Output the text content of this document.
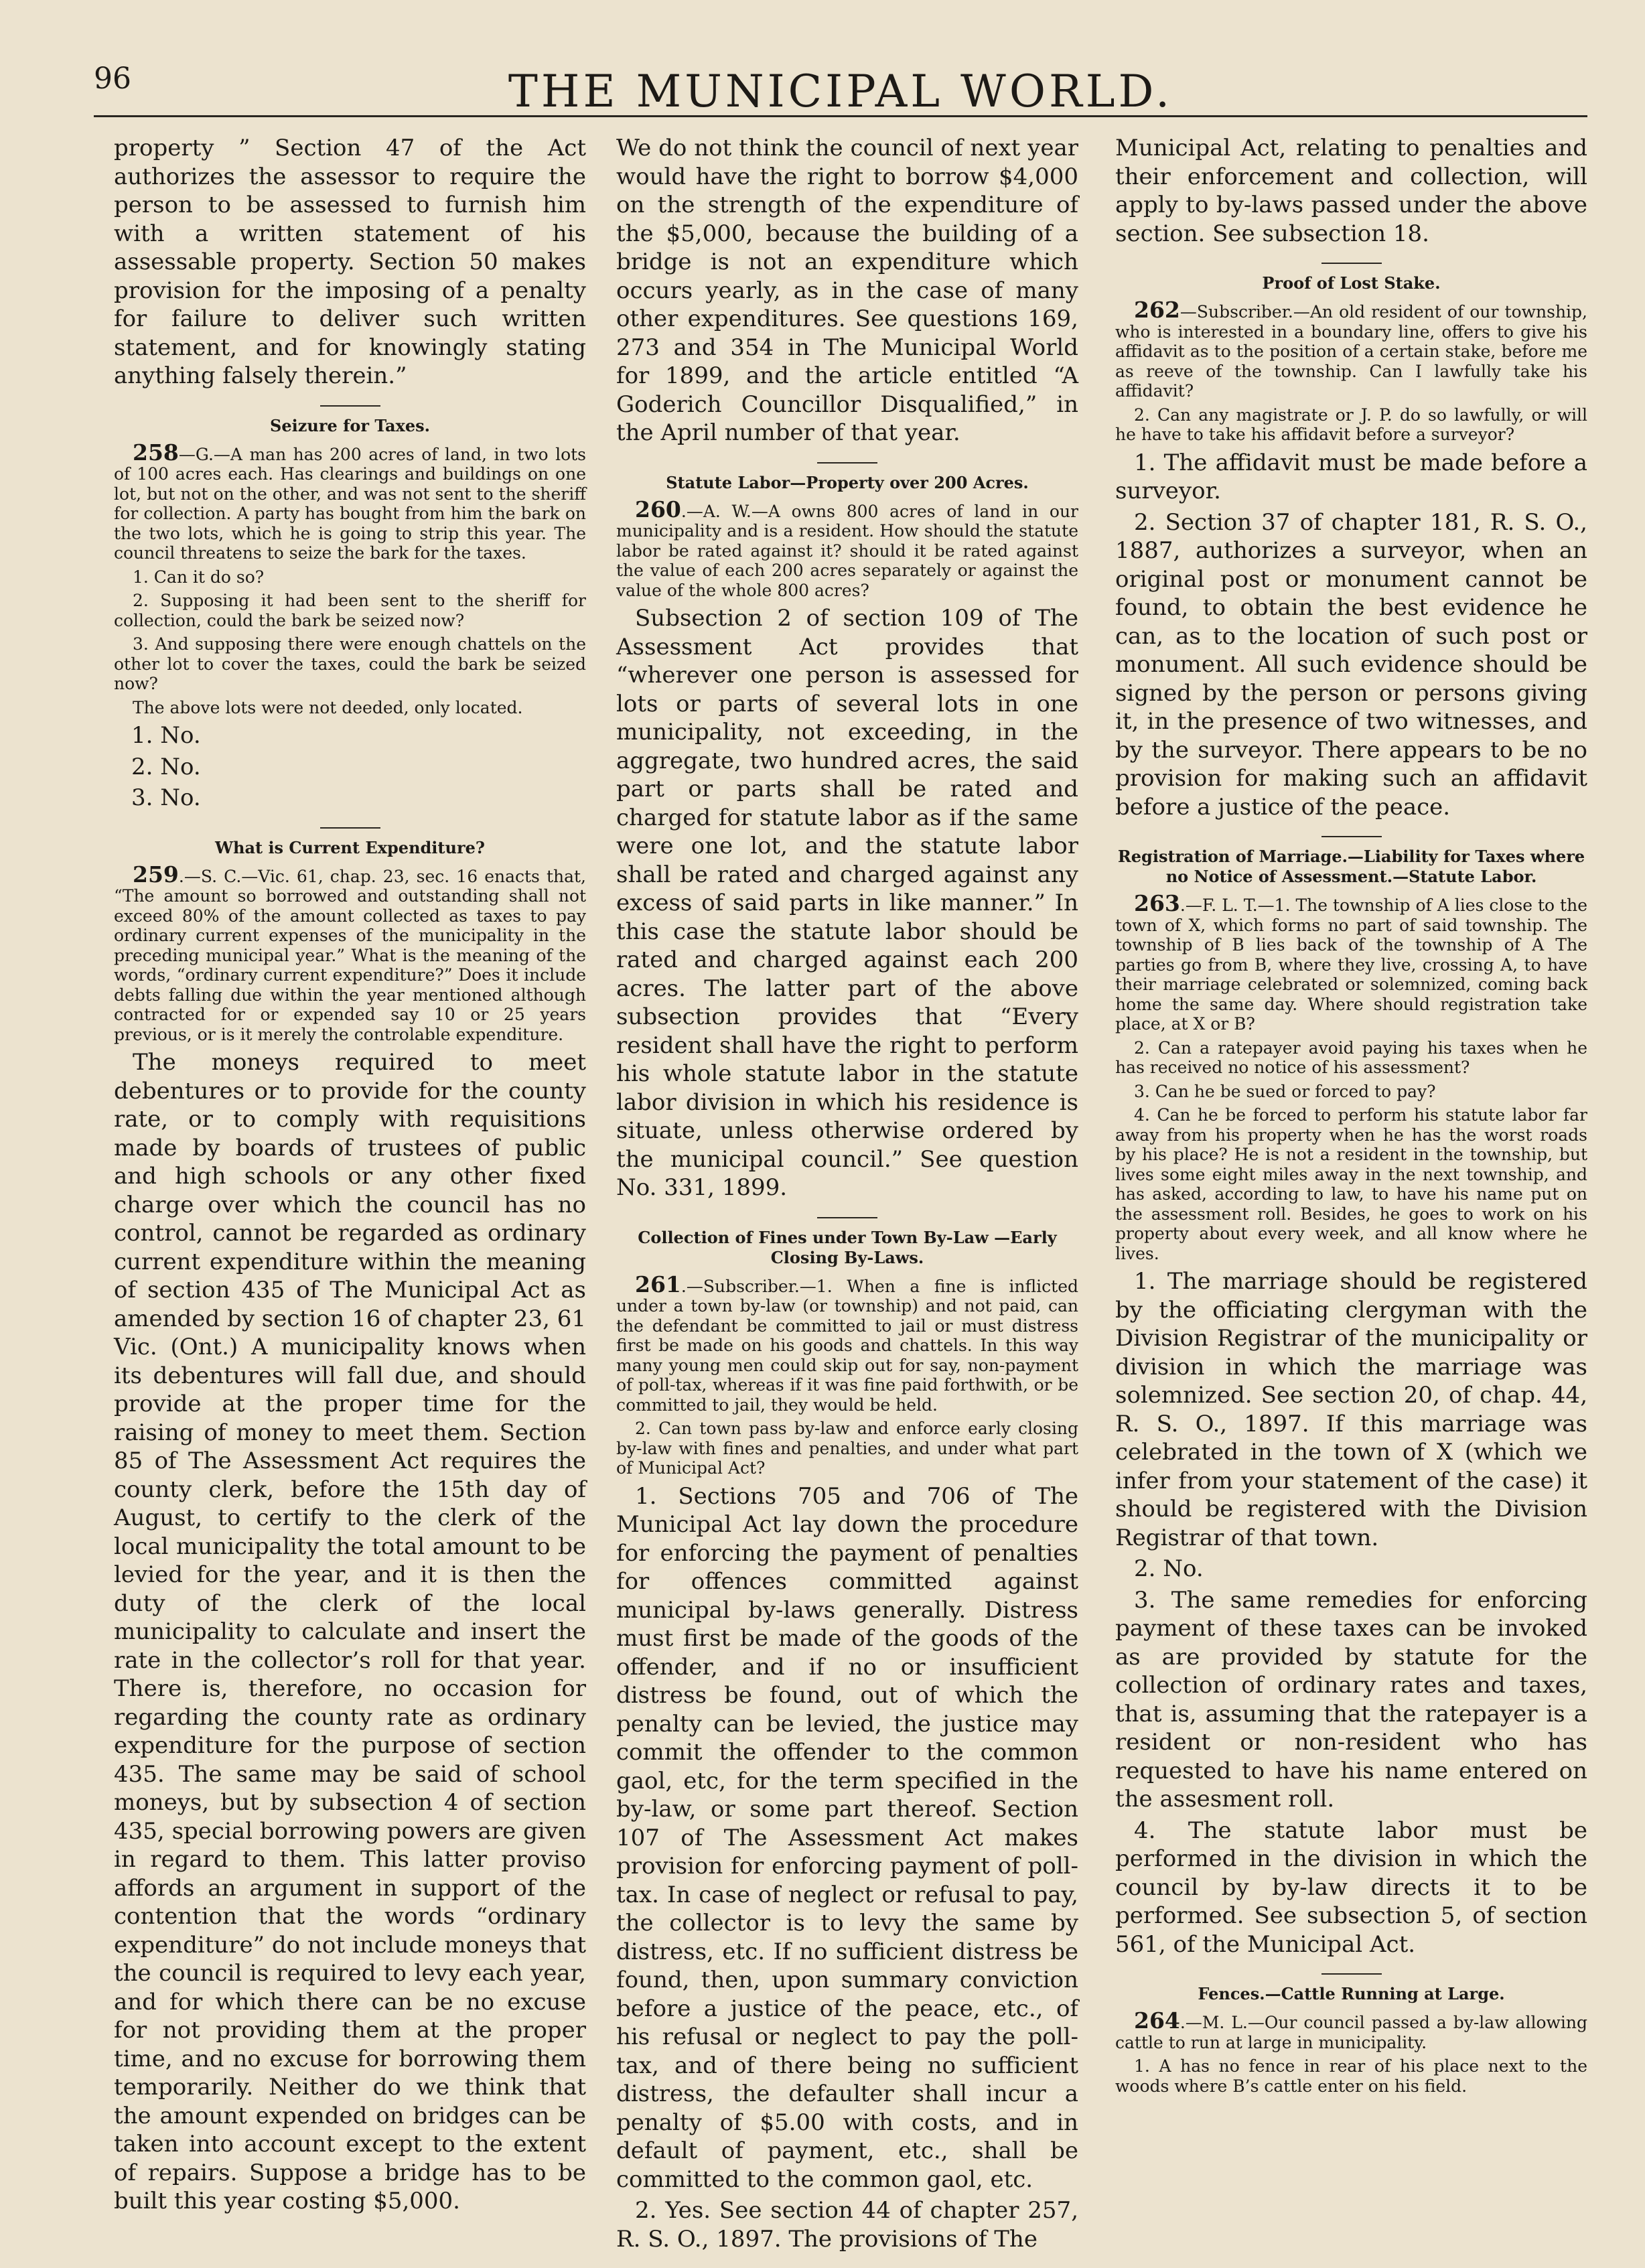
96	THE MUNICIPAL WORLD.

property ” Section 47 of the Act authorizes the assessor to require the person to be assessed to furnish him with a written statement of his assessable property. Section 50 makes provision for the imposing of a penalty for failure to deliver such written statement, and for knowingly stating anything falsely therein.”

Seizure for Taxes.

258—G.—A man has 200 acres of land, in two lots of 100 acres each. Has clearings and buildings on one lot, but not on the other, and was not sent to the sheriff for collection. A party has bought from him the bark on the two lots, which he is going to strip this year. The council threatens to seize the bark for the taxes.

1. Can it do so?

2. Supposing it had been sent to the sheriff for collection, could the bark be seized now?

3. And supposing there were enough chattels on the other lot to cover the taxes, could the bark be seized now?

The above lots were not deeded, only located.

1. No.

2. No.

3. No.

What is Current Expenditure?

259.—S. C.—Vic. 61, chap. 23, sec. 16 enacts that, “The amount so borrowed and outstanding shall not exceed 80% of the amount collected as taxes to pay ordinary current expenses of the municipality in the preceding municipal year.” What is the meaning of the words, “ordinary current expenditure?” Does it include debts falling due within the year mentioned although contracted for or expended say 10 or 25 years previous, or is it merely the controlable expenditure.

The moneys required to meet debentures or to provide for the county rate, or to comply with requisitions made by boards of trustees of public and high schools or any other fixed charge over which the council has no control, cannot be regarded as ordinary current expenditure within the meaning of section 435 of The Municipal Act as amended by section 16 of chapter 23, 61 Vic. (Ont.) A municipality knows when its debentures will fall due, and should provide at the proper time for the raising of money to meet them. Section 85 of The Assessment Act requires the county clerk, before the 15th day of August, to certify to the clerk of the local municipality the total amount to be levied for the year, and it is then the duty of the clerk of the local municipality to calculate and insert the rate in the collector’s roll for that year. There is, therefore, no occasion for regarding the county rate as ordinary expenditure for the purpose of section 435. The same may be said of school moneys, but by subsection 4 of section 435, special borrowing powers are given in regard to them. This latter proviso affords an argument in support of the contention that the words “ordinary expenditure” do not include moneys that the council is required to levy each year, and for which there can be no excuse for not providing them at the proper time, and no excuse for borrowing them temporarily. Neither do we think that the amount expended on bridges can be taken into account except to the extent of repairs. Suppose a bridge has to be built this year costing $5,000.

We do not think the council of next year would have the right to borrow $4,000 on the strength of the expenditure of the $5,000, because the building of a bridge is not an expenditure which occurs yearly, as in the case of many other expenditures. See questions 169, 273 and 354 in The Municipal World for 1899, and the article entitled “A Goderich Councillor Disqualified,” in the April number of that year.

Statute Labor—Property over 200 Acres.

260.—A. W.—A owns 800 acres of land in our municipality and is a resident. How should the statute labor be rated against it? should it be rated against the value of each 200 acres separately or against the value of the whole 800 acres?

Subsection 2 of section 109 of The Assessment Act provides that “wherever one person is assessed for lots or parts of several lots in one municipality, not exceeding, in the aggregate, two hundred acres, the said part or parts shall be rated and charged for statute labor as if the same were one lot, and the statute labor shall be rated and charged against any excess of said parts in like manner.” In this case the statute labor should be rated and charged against each 200 acres. The latter part of the above subsection provides that “Every resident shall have the right to perform his whole statute labor in the statute labor division in which his residence is situate, unless otherwise ordered by the municipal council.” See question No. 331, 1899.

Collection of Fines under Town By-Law —Early Closing By-Laws.

261.—Subscriber.—1. When a fine is inflicted under a town by-law (or township) and not paid, can the defendant be committed to jail or must distress first be made on his goods and chattels. In this way many young men could skip out for say, non-payment of poll-tax, whereas if it was fine paid forthwith, or be committed to jail, they would be held.

2. Can town pass by-law and enforce early closing by-law with fines and penalties, and under what part of Municipal Act?

1. Sections 705 and 706 of The Municipal Act lay down the procedure for enforcing the payment of penalties for offences committed against municipal by-laws generally. Distress must first be made of the goods of the offender, and if no or insufficient distress be found, out of which the penalty can be levied, the justice may commit the offender to the common gaol, etc, for the term specified in the by-law, or some part thereof. Section 107 of The Assessment Act makes provision for enforcing payment of poll-tax. In case of neglect or refusal to pay, the collector is to levy the same by distress, etc. If no sufficient distress be found, then, upon summary conviction before a justice of the peace, etc., of his refusal or neglect to pay the poll-tax, and of there being no sufficient distress, the defaulter shall incur a penalty of $5.00 with costs, and in default of payment, etc., shall be committed to the common gaol, etc.

2. Yes. See section 44 of chapter 257, R. S. O., 1897. The provisions of The

Municipal Act, relating to penalties and their enforcement and collection, will apply to by-laws passed under the above section. See subsection 18.

Proof of Lost Stake.

262—Subscriber.—An old resident of our township, who is interested in a boundary line, offers to give his affidavit as to the position of a certain stake, before me as reeve of the township. Can I lawfully take his affidavit?

2. Can any magistrate or J. P. do so lawfully, or will he have to take his affidavit before a surveyor?

1. The affidavit must be made before a surveyor.

2. Section 37 of chapter 181, R. S. O., 1887, authorizes a surveyor, when an original post or monument cannot be found, to obtain the best evidence he can, as to the location of such post or monument. All such evidence should be signed by the person or persons giving it, in the presence of two witnesses, and by the surveyor. There appears to be no provision for making such an affidavit before a justice of the peace.

Registration of Marriage.—Liability for Taxes where no Notice of Assessment.—Statute Labor.

263.—F. L. T.—1. The township of A lies close to the town of X, which forms no part of said township. The township of B lies back of the township of A The parties go from B, where they live, crossing A, to have their marriage celebrated or solemnized, coming back home the same day. Where should registration take place, at X or B?

2. Can a ratepayer avoid paying his taxes when he has received no notice of his assessment?

3. Can he be sued or forced to pay?

4. Can he be forced to perform his statute labor far away from his property when he has the worst roads by his place? He is not a resident in the township, but lives some eight miles away in the next township, and has asked, according to law, to have his name put on the assessment roll. Besides, he goes to work on his property about every week, and all know where he lives.

1. The marriage should be registered by the officiating clergyman with the Division Registrar of the municipality or division in which the marriage was solemnized. See section 20, of chap. 44, R. S. O., 1897. If this marriage was celebrated in the town of X (which we infer from your statement of the case) it should be registered with the Division Registrar of that town.

2. No.

3. The same remedies for enforcing payment of these taxes can be invoked as are provided by statute for the collection of ordinary rates and taxes, that is, assuming that the ratepayer is a resident or non-resident who has requested to have his name entered on the assesment roll.

4. The statute labor must be performed in the division in which the council by by-law directs it to be performed. See subsection 5, of section 561, of the Municipal Act.

Fences.—Cattle Running at Large.

264.—M. L.—Our council passed a by-law allowing cattle to run at large in municipality.

1. A has no fence in rear of his place next to the woods where B’s cattle enter on his field.
